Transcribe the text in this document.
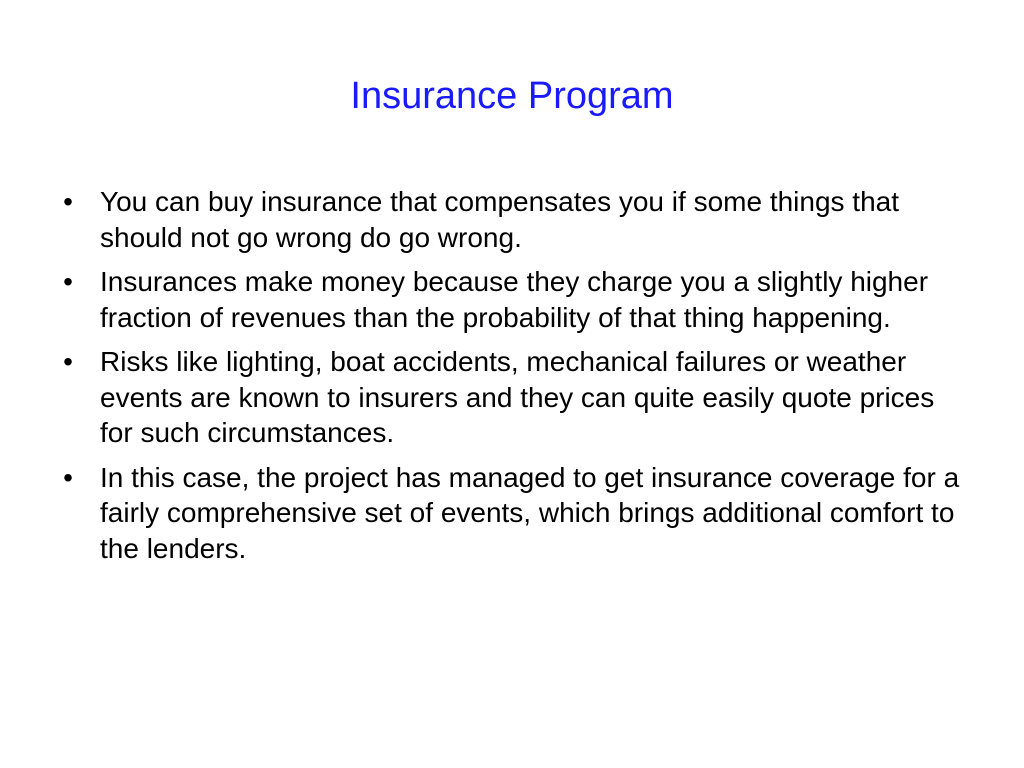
Insurance Program
• You can buy insurance that compensates you if some things that should not go wrong do go wrong.
• Insurances make money because they charge you a slightly higher fraction of revenues than the probability of that thing happening.
• Risks like lighting, boat accidents, mechanical failures or weather events are known to insurers and they can quite easily quote prices for such circumstances.
• In this case, the project has managed to get insurance coverage for a fairly comprehensive set of events, which brings additional comfort to the lenders.
